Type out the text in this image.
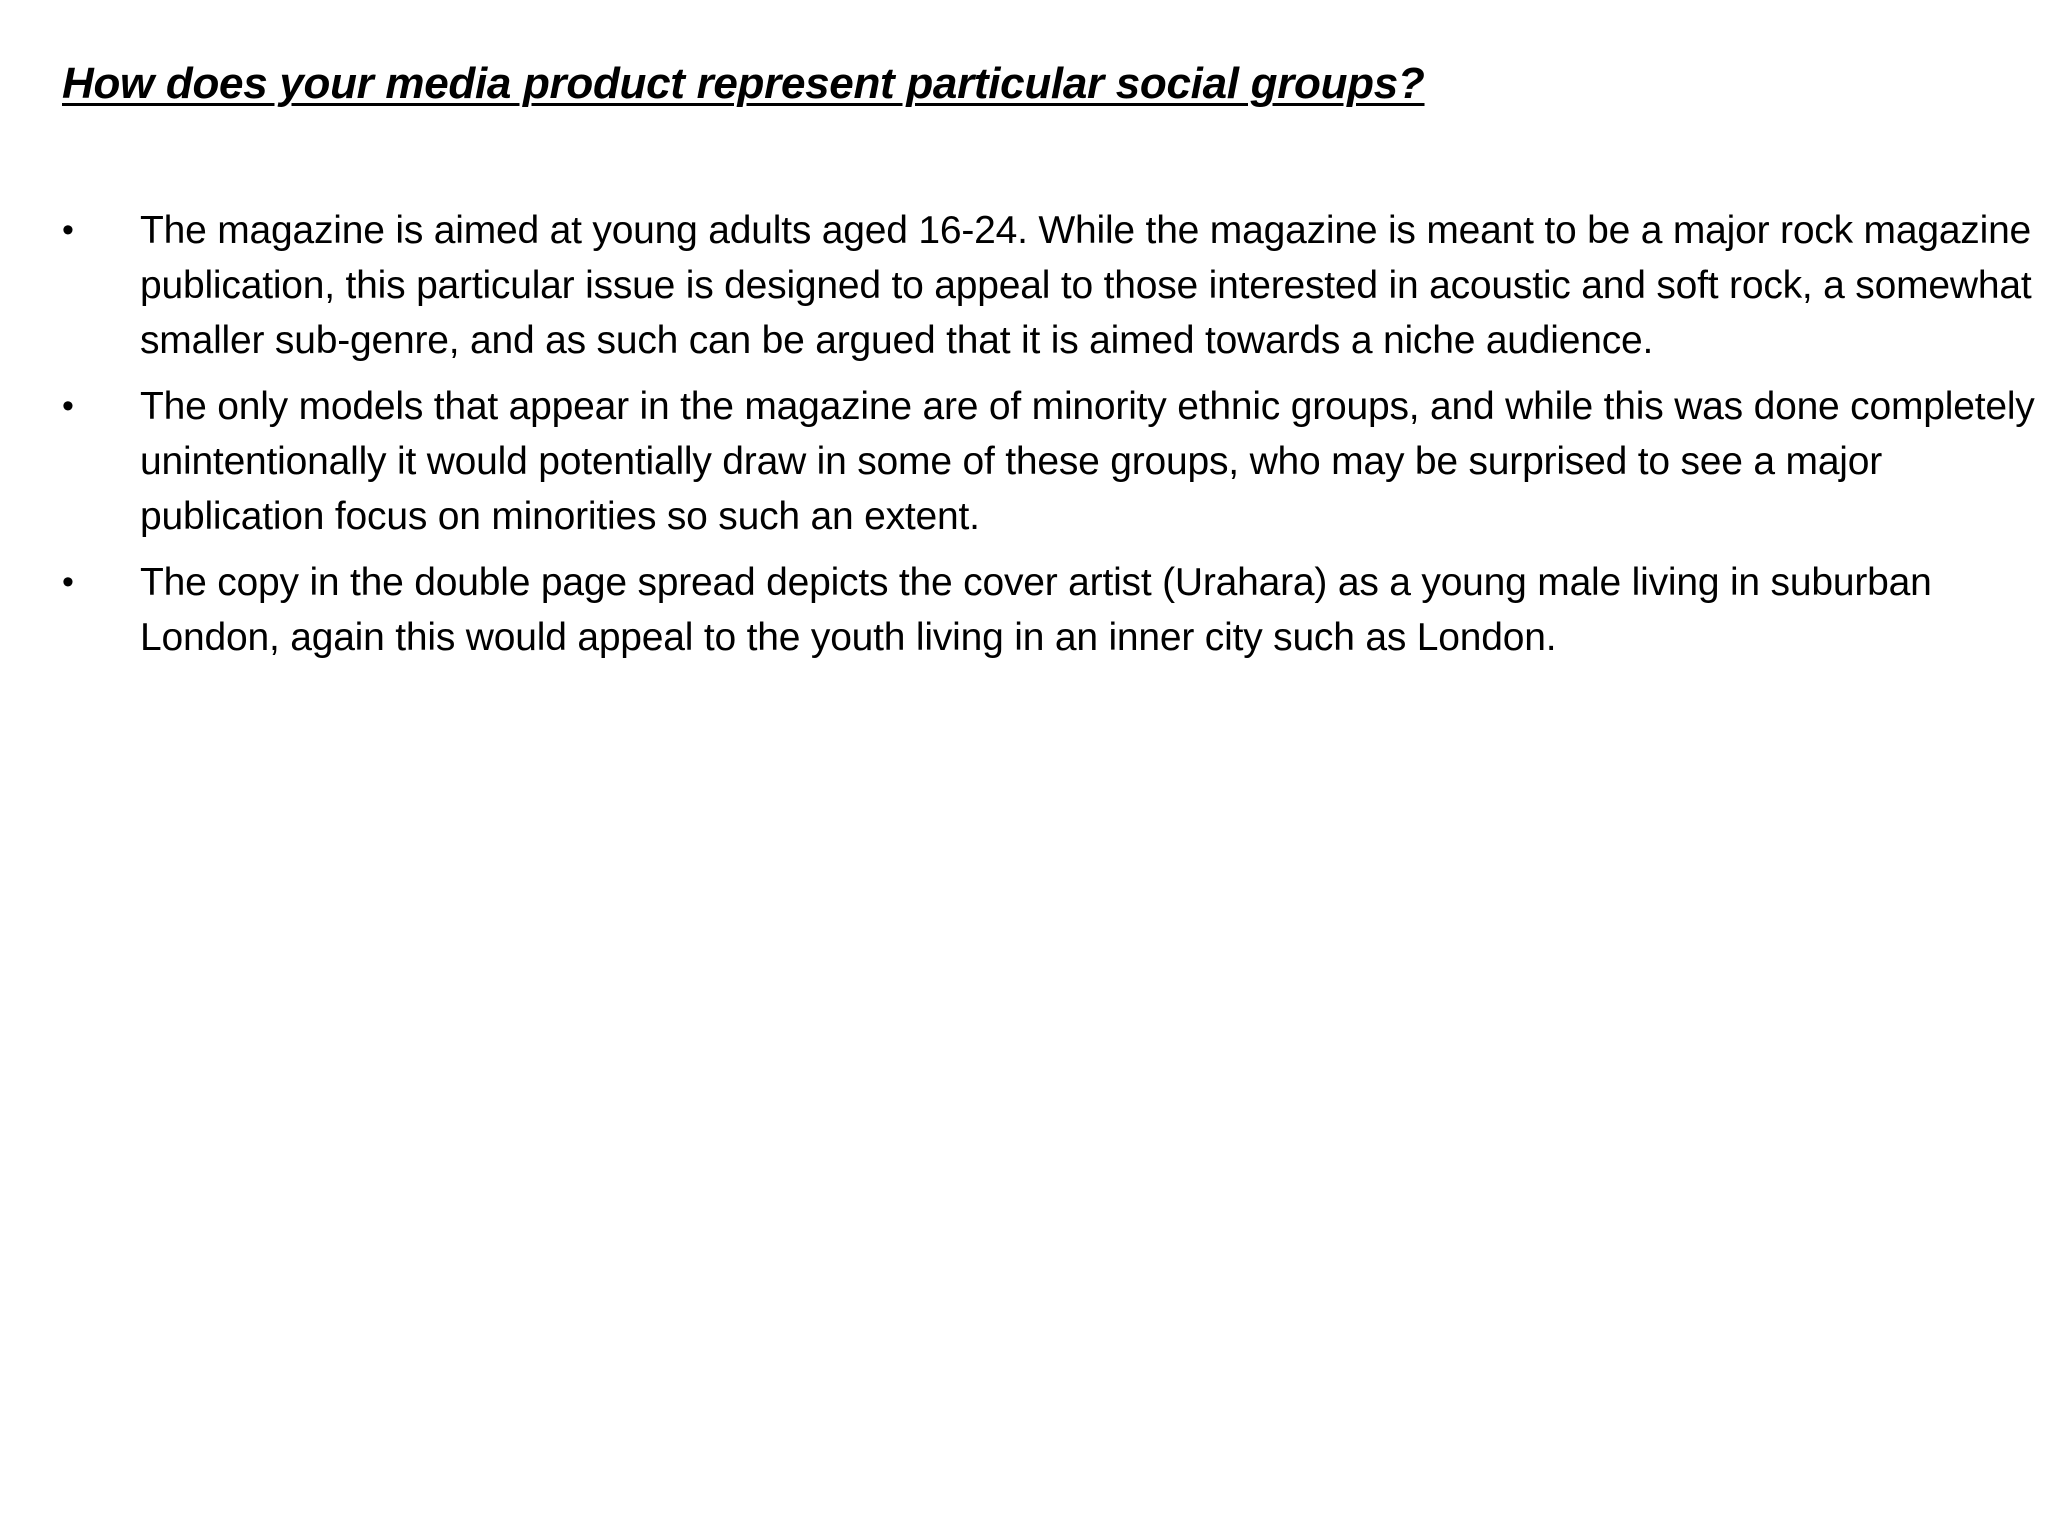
How does your media product represent particular social groups?
•	The magazine is aimed at young adults aged 16-24. While the magazine is meant to be a major rock magazine publication, this particular issue is designed to appeal to those interested in acoustic and soft rock, a somewhat smaller sub-genre, and as such can be argued that it is aimed towards a niche audience.
•	The only models that appear in the magazine are of minority ethnic groups, and while this was done completely unintentionally it would potentially draw in some of these groups, who may be surprised to see a major publication focus on minorities so such an extent.
•	The copy in the double page spread depicts the cover artist (Urahara) as a young male living in suburban London, again this would appeal to the youth living in an inner city such as London.
